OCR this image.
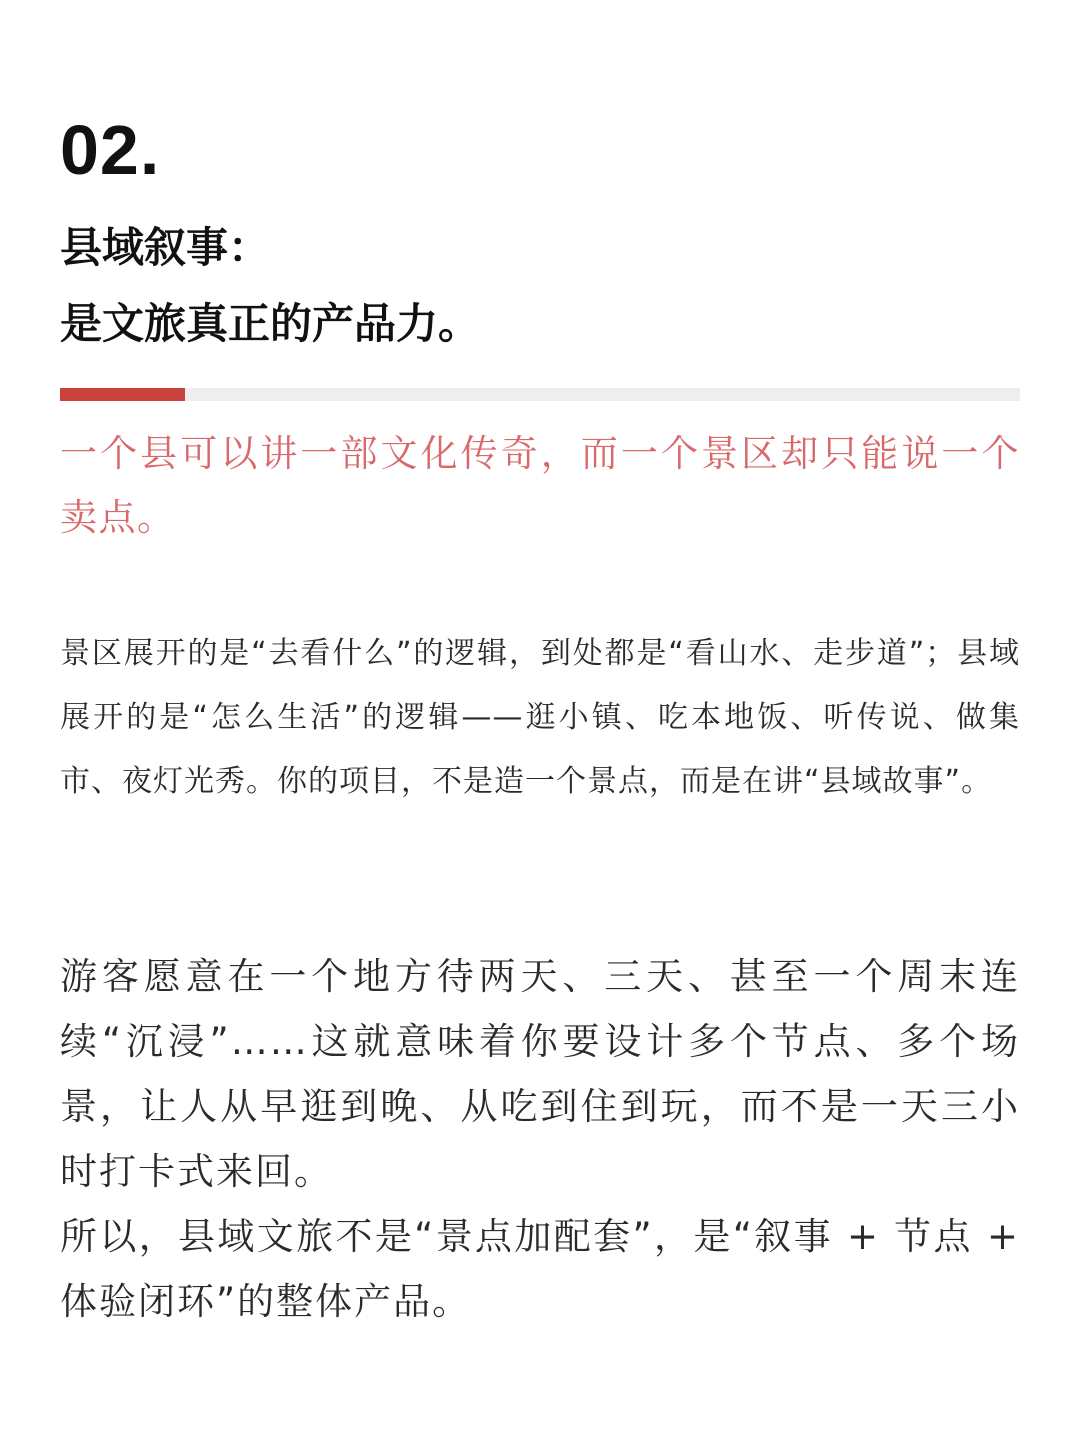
02.
县域叙事：
是文旅真正的产品力。
一个县可以讲一部文化传奇，而一个景区却只能说一个卖点。
景区展开的是“去看什么”的逻辑，到处都是“看山水、走步道”；县域展开的是“怎么生活”的逻辑——逛小镇、吃本地饭、听传说、做集市、夜灯光秀。你的项目，不是造一个景点，而是在讲“县域故事”。
游客愿意在一个地方待两天、三天、甚至一个周末连续“沉浸”……这就意味着你要设计多个节点、多个场景，让人从早逛到晚、从吃到住到玩，而不是一天三小时打卡式来回。
所以，县域文旅不是“景点加配套”，是“叙事 + 节点 + 体验闭环”的整体产品。
